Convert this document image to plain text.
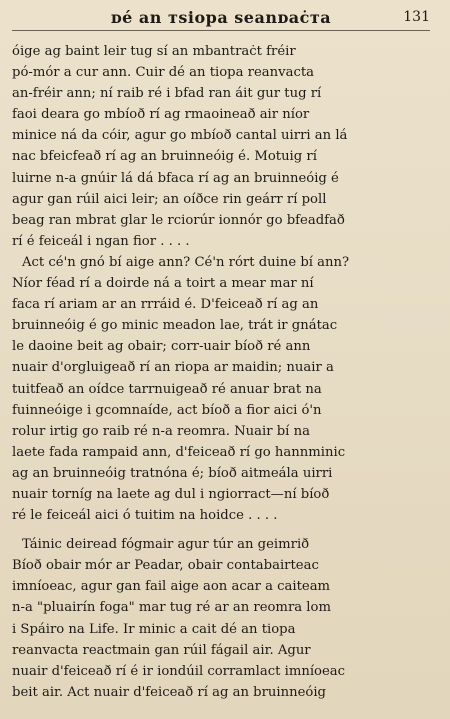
ᴅé an ᴛsiopa seanᴅaċᴛa	131
óige ag baint leir tug sí an mbantraċt fréir
pó-mór a cur ann. Cuir dé an tiopa reanvacta
an-fréir ann; ní raib ré i bfad ran áit gur tug rí
faoi deara go mbíoð rí ag rmaoineað air níor
minice ná da cóir, agur go mbíoð cantal uirri an lá
nac bfeicfeað rí ag an bruinneóig é. Motuig rí
luirne n-a gnúir lá dá bfaca rí ag an bruinneóig é
agur gan rúil aici leir; an oíðce rin geárr rí poll
beag ran mbrat glar le rciorúr ionnór go bfeadfað
rí é feiceál i ngan fior . . . .
Act cé'n gnó bí aige ann? Cé'n rórt duine bí ann?
Níor féad rí a doirde ná a toirt a mear mar ní
faca rí ariam ar an rrráid é. D'feiceað rí ag an
bruinneóig é go minic meadon lae, trát ir gnátac
le daoine beit ag obair; corr-uair bíoð ré ann
nuair d'orgluigeað rí an riopa ar maidin; nuair a
tuitfeað an oídce tarrnuigeað ré anuar brat na
fuinneóige i gcomnaíde, act bíoð a fior aici ó'n
rolur irtig go raib ré n-a reomra. Nuair bí na
laete fada rampaid ann, d'feiceað rí go hannminic
ag an bruinneóig tratnóna é; bíoð aitmeála uirri
nuair torníg na laete ag dul i ngiorract—ní bíoð
ré le feiceál aici ó tuitim na hoidce . . . .
Táinic deiread fógmair agur túr an geimrið
Bíoð obair mór ar Peadar, obair contabairteac
imníoeac, agur gan fail aige aon acar a caiteam
n-a "pluairín foga" mar tug ré ar an reomra lom
i Spáiro na Life. Ir minic a cait dé an tiopa
reanvacta reactmain gan rúil fágail air. Agur
nuair d'feiceað rí é ir iondúil corramlact imníoeac
beit air. Act nuair d'feiceað rí ag an bruinneóig
